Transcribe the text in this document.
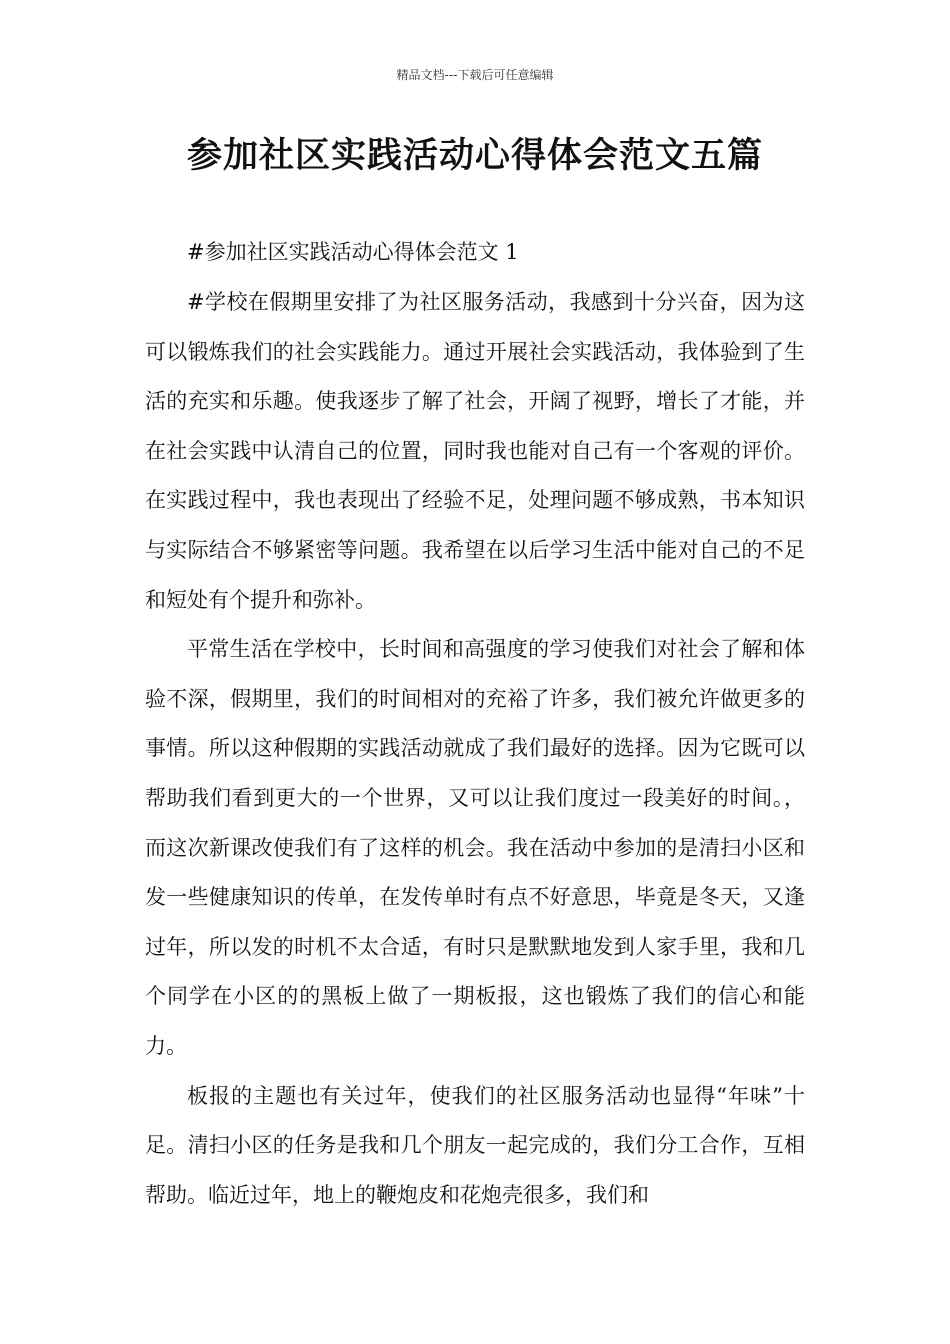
精品文档---下载后可任意编辑
参加社区实践活动心得体会范文五篇

#参加社区实践活动心得体会范文 1

#学校在假期里安排了为社区服务活动，我感到十分兴奋，因为这可以锻炼我们的社会实践能力。通过开展社会实践活动，我体验到了生活的充实和乐趣。使我逐步了解了社会，开阔了视野，增长了才能，并在社会实践中认清自己的位置，同时我也能对自己有一个客观的评价。在实践过程中，我也表现出了经验不足，处理问题不够成熟，书本知识与实际结合不够紧密等问题。我希望在以后学习生活中能对自己的不足和短处有个提升和弥补。

平常生活在学校中，长时间和高强度的学习使我们对社会了解和体验不深，假期里，我们的时间相对的充裕了许多，我们被允许做更多的事情。所以这种假期的实践活动就成了我们最好的选择。因为它既可以帮助我们看到更大的一个世界，又可以让我们度过一段美好的时间。，而这次新课改使我们有了这样的机会。我在活动中参加的是清扫小区和发一些健康知识的传单，在发传单时有点不好意思，毕竟是冬天，又逢过年，所以发的时机不太合适，有时只是默默地发到人家手里，我和几个同学在小区的的黑板上做了一期板报，这也锻炼了我们的信心和能力。

板报的主题也有关过年，使我们的社区服务活动也显得“年味”十足。清扫小区的任务是我和几个朋友一起完成的，我们分工合作，互相帮助。临近过年，地上的鞭炮皮和花炮壳很多，我们和
